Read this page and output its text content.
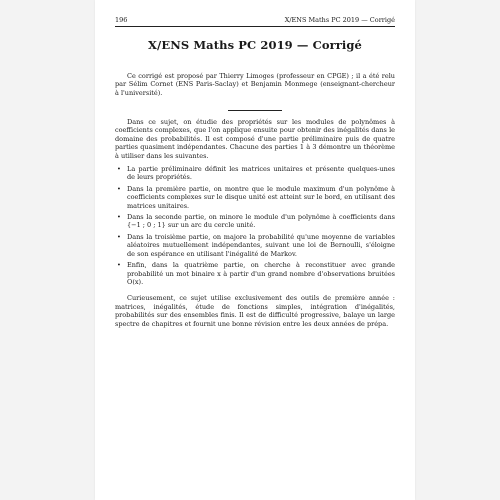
196	X/ENS Maths PC 2019 — Corrigé
X/ENS Maths PC 2019 — Corrigé

Ce corrigé est proposé par Thierry Limoges (professeur en CPGE) ; il a été relu par Sélim Cornet (ENS Paris-Saclay) et Benjamin Monmege (enseignant-chercheur à l'université).

Dans ce sujet, on étudie des propriétés sur les modules de polynômes à coefficients complexes, que l'on applique ensuite pour obtenir des inégalités dans le domaine des probabilités. Il est composé d'une partie préliminaire puis de quatre parties quasiment indépendantes. Chacune des parties 1 à 3 démontre un théorème à utiliser dans les suivantes.

• La partie préliminaire définit les matrices unitaires et présente quelques-unes de leurs propriétés.
• Dans la première partie, on montre que le module maximum d'un polynôme à coefficients complexes sur le disque unité est atteint sur le bord, en utilisant des matrices unitaires.
• Dans la seconde partie, on minore le module d'un polynôme à coefficients dans {−1 ; 0 ; 1} sur un arc du cercle unité.
• Dans la troisième partie, on majore la probabilité qu'une moyenne de variables aléatoires mutuellement indépendantes, suivant une loi de Bernoulli, s'éloigne de son espérance en utilisant l'inégalité de Markov.
• Enfin, dans la quatrième partie, on cherche à reconstituer avec grande probabilité un mot binaire x à partir d'un grand nombre d'observations bruitées O(x).

Curieusement, ce sujet utilise exclusivement des outils de première année : matrices, inégalités, étude de fonctions simples, intégration d'inégalités, probabilités sur des ensembles finis. Il est de difficulté progressive, balaye un large spectre de chapitres et fournit une bonne révision entre les deux années de prépa.
